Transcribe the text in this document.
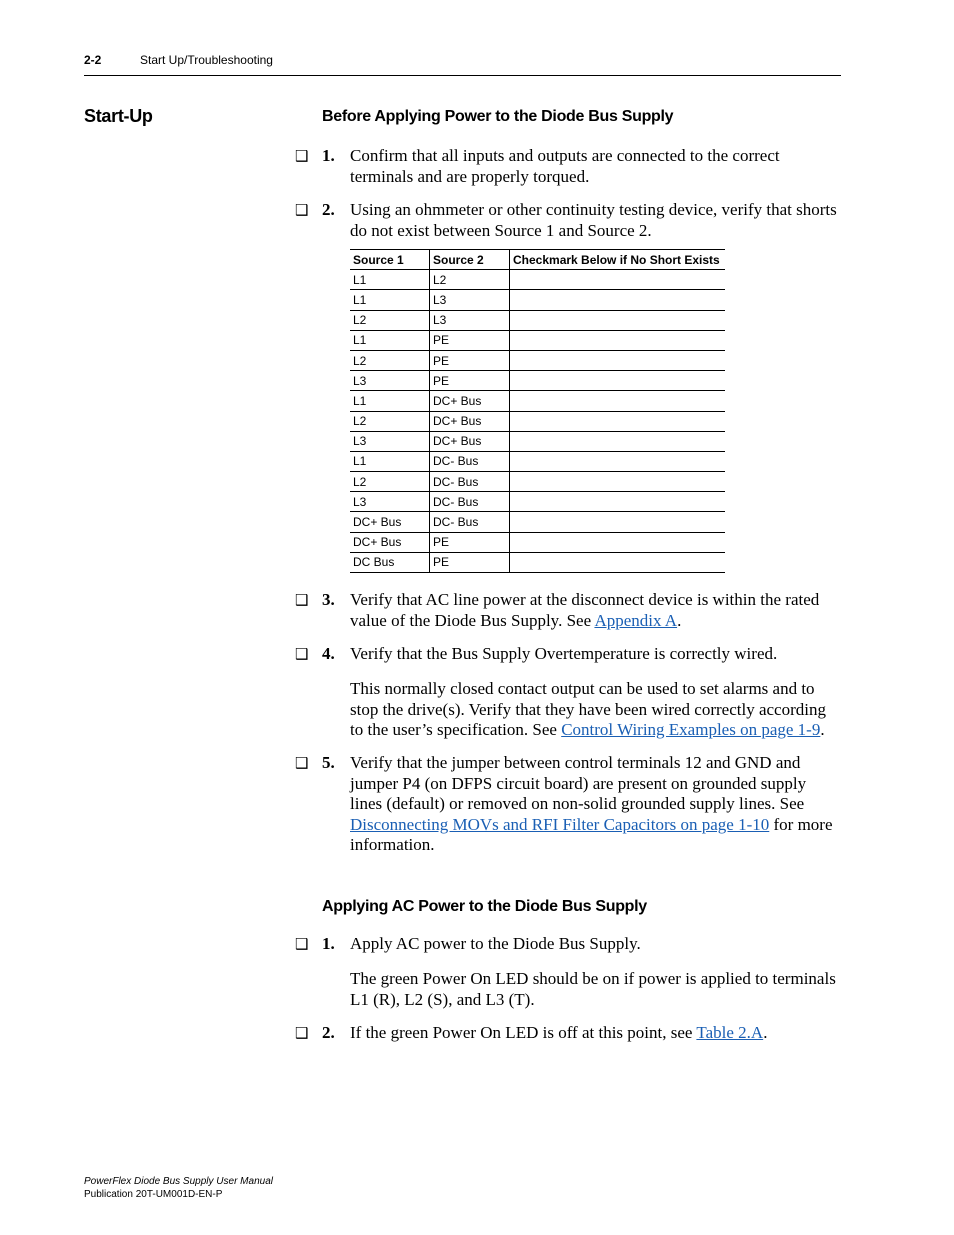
2-2	Start Up/Troubleshooting
Start-Up	Before Applying Power to the Diode Bus Supply
❑ 1. Confirm that all inputs and outputs are connected to the correct terminals and are properly torqued.
❑ 2. Using an ohmmeter or other continuity testing device, verify that shorts do not exist between Source 1 and Source 2.
Source 1	Source 2	Checkmark Below if No Short Exists
L1	L2	
L1	L3	
L2	L3	
L1	PE	
L2	PE	
L3	PE	
L1	DC+ Bus	
L2	DC+ Bus	
L3	DC+ Bus	
L1	DC- Bus	
L2	DC- Bus	
L3	DC- Bus	
DC+ Bus	DC- Bus	
DC+ Bus	PE	
DC Bus	PE	
❑ 3. Verify that AC line power at the disconnect device is within the rated value of the Diode Bus Supply. See Appendix A.
❑ 4. Verify that the Bus Supply Overtemperature is correctly wired.
This normally closed contact output can be used to set alarms and to stop the drive(s). Verify that they have been wired correctly according to the user’s specification. See Control Wiring Examples on page 1-9.
❑ 5. Verify that the jumper between control terminals 12 and GND and jumper P4 (on DFPS circuit board) are present on grounded supply lines (default) or removed on non-solid grounded supply lines. See Disconnecting MOVs and RFI Filter Capacitors on page 1-10 for more information.
Applying AC Power to the Diode Bus Supply
❑ 1. Apply AC power to the Diode Bus Supply.
The green Power On LED should be on if power is applied to terminals L1 (R), L2 (S), and L3 (T).
❑ 2. If the green Power On LED is off at this point, see Table 2.A.
PowerFlex Diode Bus Supply User Manual
Publication 20T-UM001D-EN-P
